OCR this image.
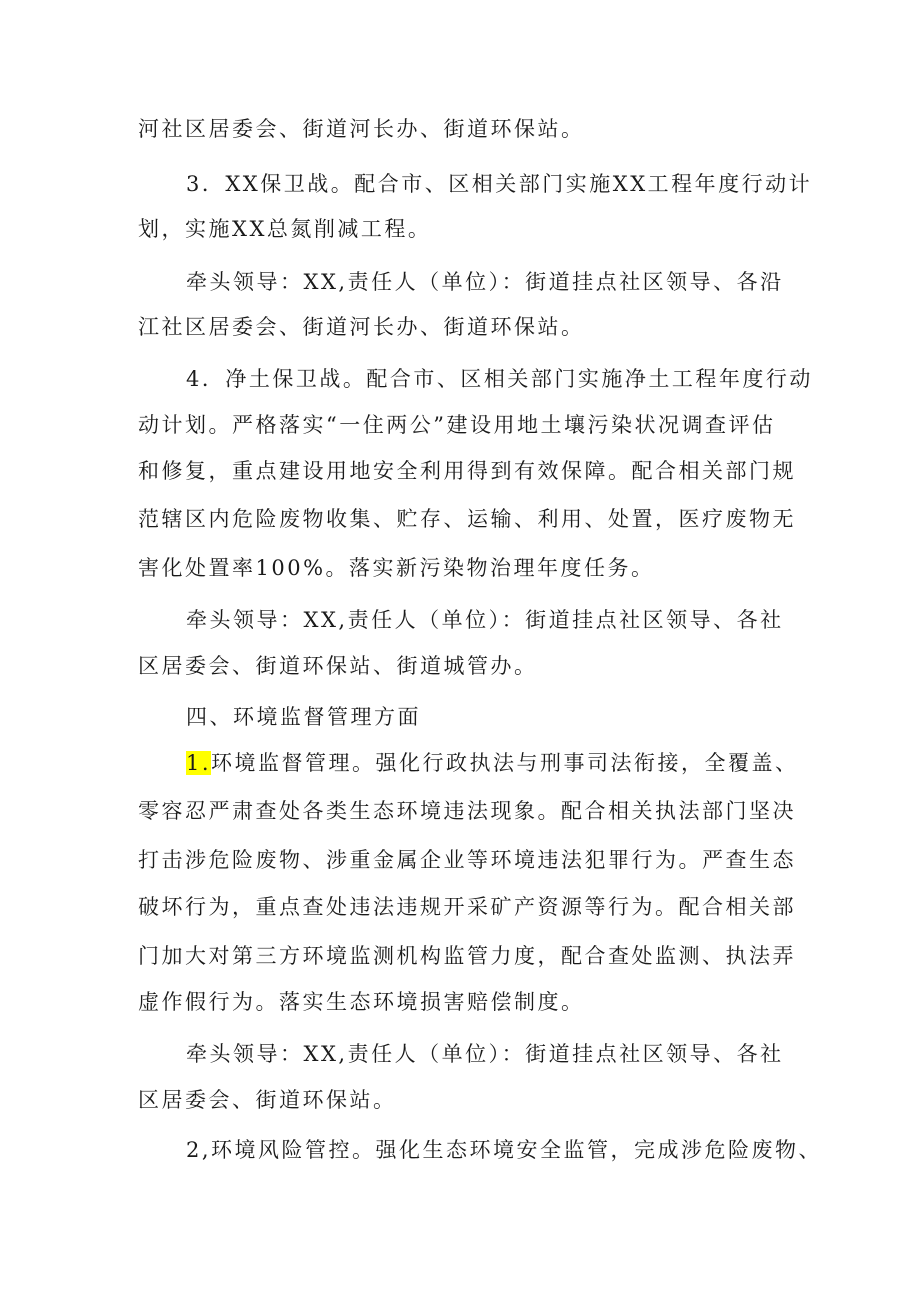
河社区居委会、街道河长办、街道环保站。
3．XX保卫战。配合市、区相关部门实施XX工程年度行动计
划，实施XX总氮削减工程。
牵头领导：XX,责任人（单位）：街道挂点社区领导、各沿
江社区居委会、街道河长办、街道环保站。
4．净土保卫战。配合市、区相关部门实施净土工程年度行动
动计划。严格落实“一住两公”建设用地土壤污染状况调查评估
和修复，重点建设用地安全利用得到有效保障。配合相关部门规
范辖区内危险废物收集、贮存、运输、利用、处置，医疗废物无
害化处置率100%。落实新污染物治理年度任务。
牵头领导：XX,责任人（单位）：街道挂点社区领导、各社
区居委会、街道环保站、街道城管办。
四、环境监督管理方面
1.环境监督管理。强化行政执法与刑事司法衔接，全覆盖、
零容忍严肃查处各类生态环境违法现象。配合相关执法部门坚决
打击涉危险废物、涉重金属企业等环境违法犯罪行为。严查生态
破坏行为，重点查处违法违规开采矿产资源等行为。配合相关部
门加大对第三方环境监测机构监管力度，配合查处监测、执法弄
虚作假行为。落实生态环境损害赔偿制度。
牵头领导：XX,责任人（单位）：街道挂点社区领导、各社
区居委会、街道环保站。
2,环境风险管控。强化生态环境安全监管，完成涉危险废物、
